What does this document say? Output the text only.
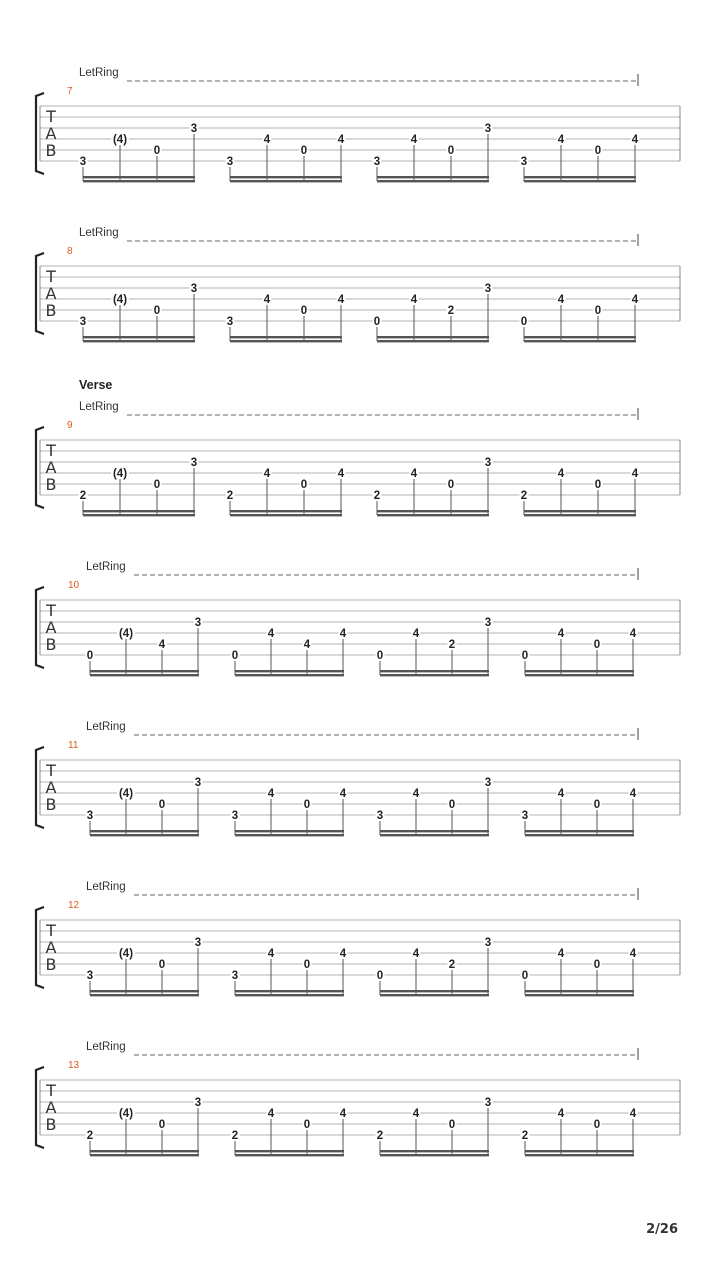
LetRing
7
T
A
B
3
(4)
0
3
3
4
0
4
3
4
0
3
3
4
0
4
LetRing
8
T
A
B
3
(4)
0
3
3
4
0
4
0
4
2
3
0
4
0
4
Verse
LetRing
9
T
A
B
2
(4)
0
3
2
4
0
4
2
4
0
3
2
4
0
4
LetRing
10
T
A
B
0
(4)
4
3
0
4
4
4
0
4
2
3
0
4
0
4
LetRing
11
T
A
B
3
(4)
0
3
3
4
0
4
3
4
0
3
3
4
0
4
LetRing
12
T
A
B
3
(4)
0
3
3
4
0
4
0
4
2
3
0
4
0
4
LetRing
13
T
A
B
2
(4)
0
3
2
4
0
4
2
4
0
3
2
4
0
4
2/26
